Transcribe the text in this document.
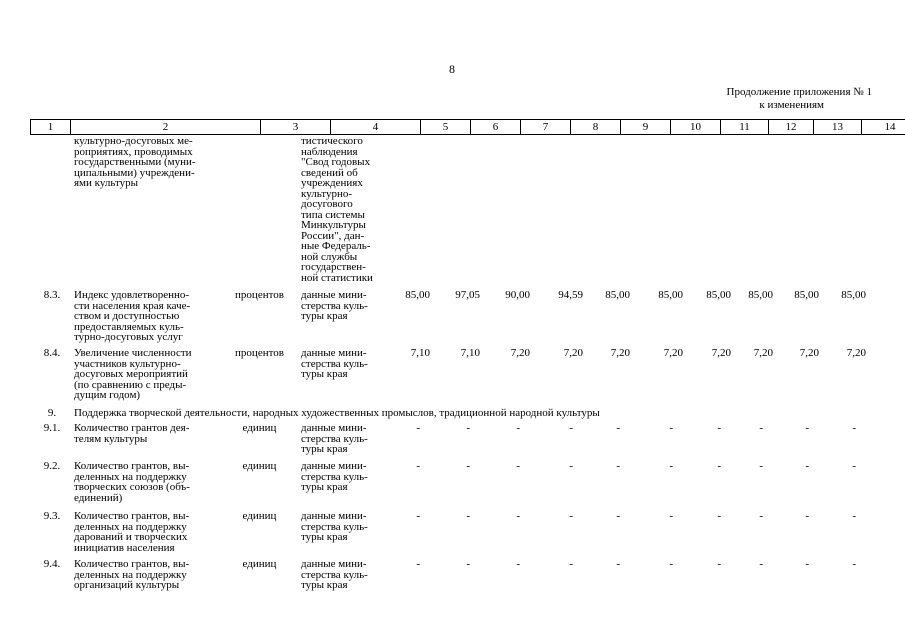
8
Продолжение приложения № 1
к изменениям
1	2	3	4	5	6	7	8	9	10	11	12	13	14
культурно-досуговых ме-
роприятиях, проводимых
государственными (муни-
ципальными) учреждени-
ями культуры
тистического
наблюдения
"Свод годовых
сведений об
учреждениях
культурно-
досугового
типа системы
Минкультуры
России", дан-
ные Федераль-
ной службы
государствен-
ной статистики
8.3.	Индекс удовлетвореннo-
сти населения края каче-
ством и доступностью
предоставляемых куль-
турно-досуговых услуг
процентов	данные мини-
стерства куль-
туры края
85,00	97,05	90,00	94,59	85,00	85,00	85,00	85,00	85,00	85,00
8.4.	Увеличение численности
участников культурно-
досуговых мероприятий
(по сравнению с преды-
дущим годом)
процентов	данные мини-
стерства куль-
туры края
7,10	7,10	7,20	7,20	7,20	7,20	7,20	7,20	7,20	7,20
9.	Поддержка творческой деятельности, народных художественных промыслов, традиционной народной культуры
9.1.	Количество грантов дея-
телям культуры
единиц	данные мини-
стерства куль-
туры края
-	-	-	-	-	-	-	-	-	-
9.2.	Количество грантов, вы-
деленных на поддержку
творческих союзов (объ-
единений)
единиц	данные мини-
стерства куль-
туры края
-	-	-	-	-	-	-	-	-	-
9.3.	Количество грантов, вы-
деленных на поддержку
дарований и творческих
инициатив населения
единиц	данные мини-
стерства куль-
туры края
-	-	-	-	-	-	-	-	-	-
9.4.	Количество грантов, вы-
деленных на поддержку
организаций культуры
единиц	данные мини-
стерства куль-
туры края
-	-	-	-	-	-	-	-	-	-
